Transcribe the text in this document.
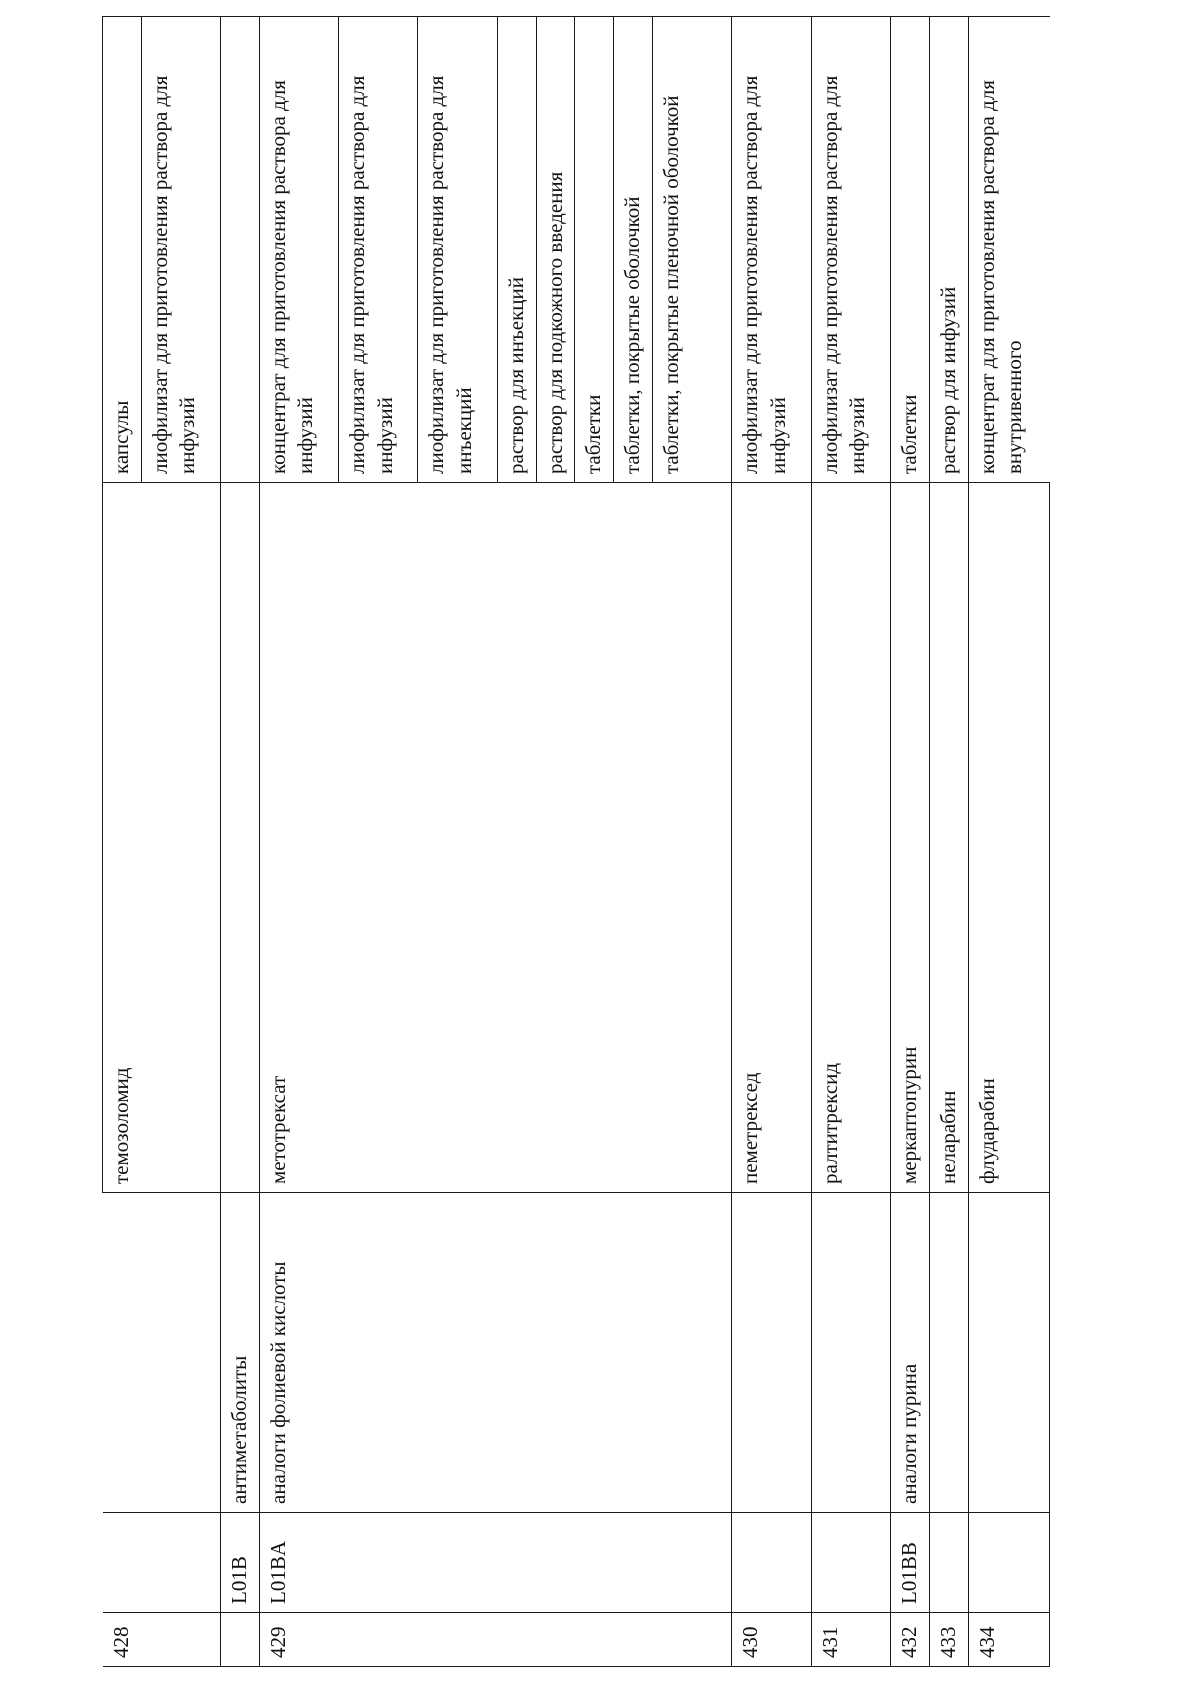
428			темозоломид	капсулы
				лиофилизат для приготовления раствора для инфузий
	L01B	антиметаболиты		
429	L01BA	аналоги фолиевой кислоты	метотрексат	концентрат для приготовления раствора для инфузий
				лиофилизат для приготовления раствора для инфузий
				лиофилизат для приготовления раствора для инъекций
				раствор для инъекций
				раствор для подкожного введения
				таблетки
				таблетки, покрытые оболочкой
				таблетки, покрытые пленочной оболочкой
430			пеметрексед	лиофилизат для приготовления раствора для инфузий
431			ралтитрексид	лиофилизат для приготовления раствора для инфузий
432	L01BB	аналоги пурина	меркаптопурин	таблетки
433			неларабин	раствор для инфузий
434			флударабин	концентрат для приготовления раствора для внутривенного
